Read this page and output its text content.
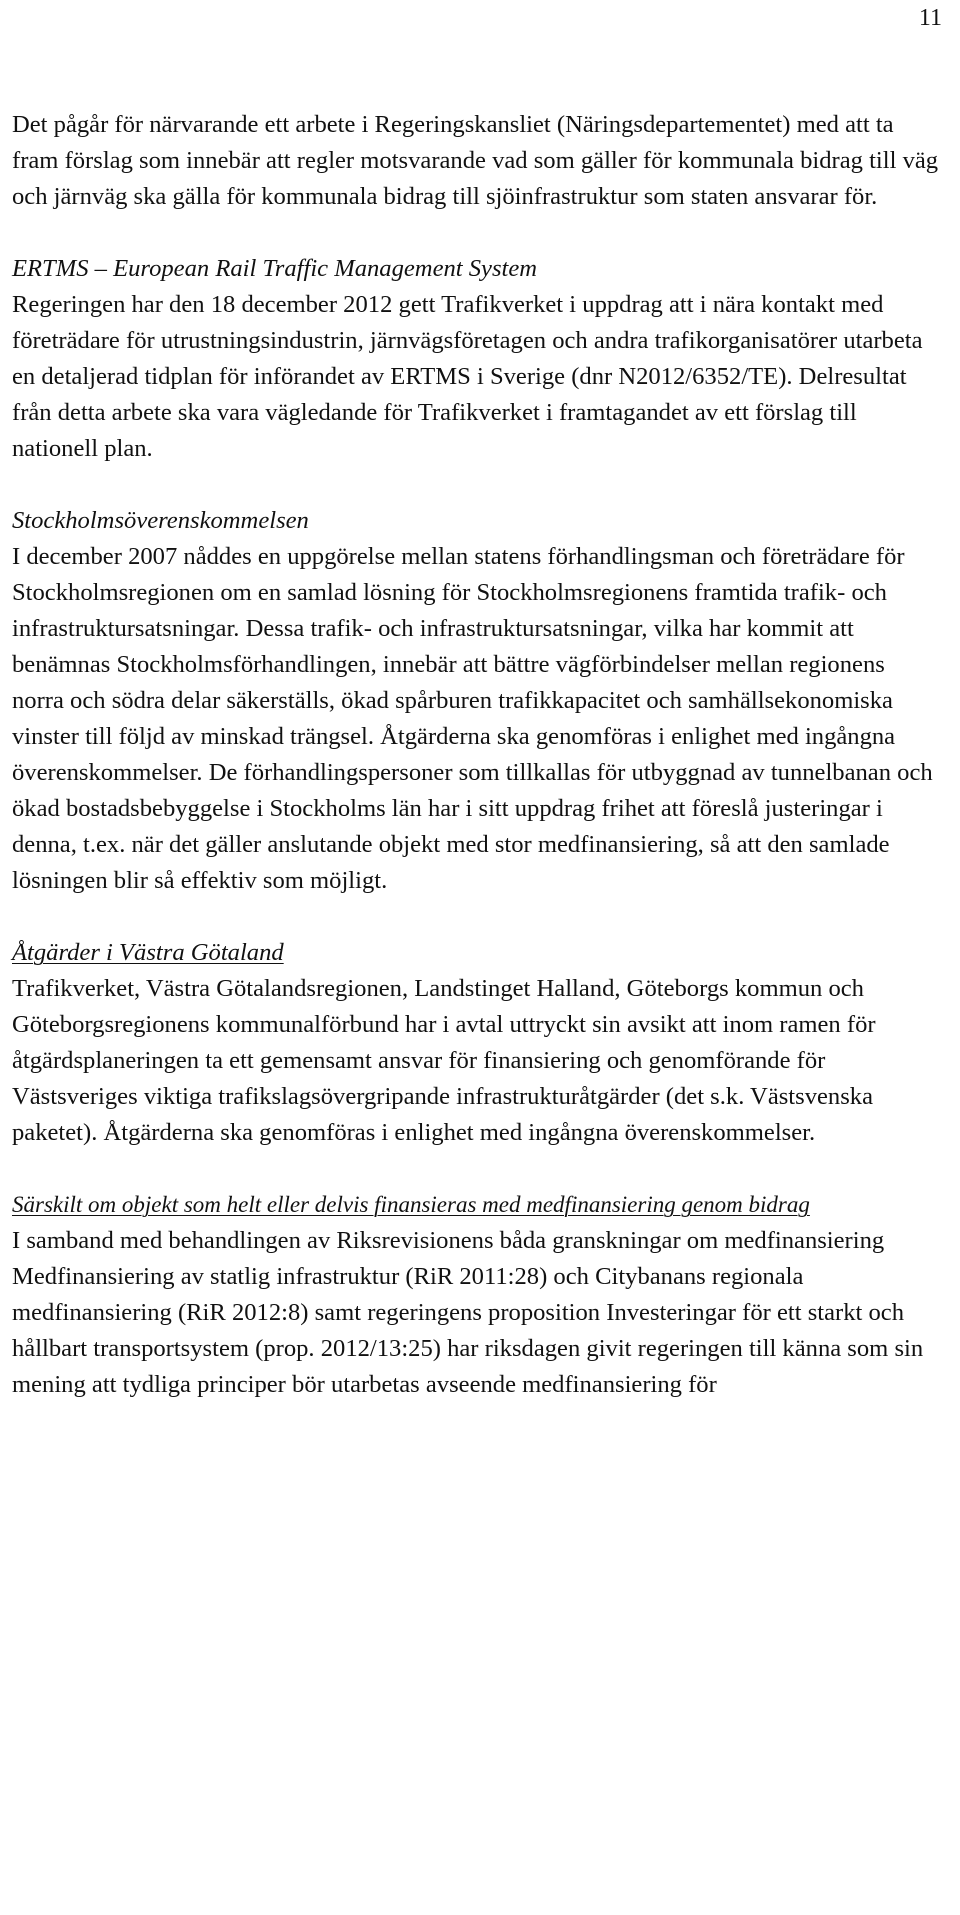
11

Det pågår för närvarande ett arbete i Regeringskansliet (Näringsdepartementet) med att ta fram förslag som innebär att regler motsvarande vad som gäller för kommunala bidrag till väg och järnväg ska gälla för kommunala bidrag till sjöinfrastruktur som staten ansvarar för.

ERTMS – European Rail Traffic Management System

Regeringen har den 18 december 2012 gett Trafikverket i uppdrag att i nära kontakt med företrädare för utrustningsindustrin, järnvägsföretagen och andra trafikorganisatörer utarbeta en detaljerad tidplan för införandet av ERTMS i Sverige (dnr N2012/6352/TE). Delresultat från detta arbete ska vara vägledande för Trafikverket i framtagandet av ett förslag till nationell plan.

Stockholmsöverenskommelsen

I december 2007 nåddes en uppgörelse mellan statens förhandlingsman och företrädare för Stockholmsregionen om en samlad lösning för Stockholmsregionens framtida trafik- och infrastruktursatsningar. Dessa trafik- och infrastruktursatsningar, vilka har kommit att benämnas Stockholmsförhandlingen, innebär att bättre vägförbindelser mellan regionens norra och södra delar säkerställs, ökad spårburen trafikkapacitet och samhällsekonomiska vinster till följd av minskad trängsel. Åtgärderna ska genomföras i enlighet med ingångna överenskommelser. De förhandlingspersoner som tillkallas för utbyggnad av tunnelbanan och ökad bostadsbebyggelse i Stockholms län har i sitt uppdrag frihet att föreslå justeringar i denna, t.ex. när det gäller anslutande objekt med stor medfinansiering, så att den samlade lösningen blir så effektiv som möjligt.

Åtgärder i Västra Götaland

Trafikverket, Västra Götalandsregionen, Landstinget Halland, Göteborgs kommun och Göteborgsregionens kommunalförbund har i avtal uttryckt sin avsikt att inom ramen för åtgärdsplaneringen ta ett gemensamt ansvar för finansiering och genomförande för Västsveriges viktiga trafikslagsövergripande infrastrukturåtgärder (det s.k. Västsvenska paketet). Åtgärderna ska genomföras i enlighet med ingångna överenskommelser.

Särskilt om objekt som helt eller delvis finansieras med medfinansiering genom bidrag

I samband med behandlingen av Riksrevisionens båda granskningar om medfinansiering Medfinansiering av statlig infrastruktur (RiR 2011:28) och Citybanans regionala medfinansiering (RiR 2012:8) samt regeringens proposition Investeringar för ett starkt och hållbart transportsystem (prop. 2012/13:25) har riksdagen givit regeringen till känna som sin mening att tydliga principer bör utarbetas avseende medfinansiering för
